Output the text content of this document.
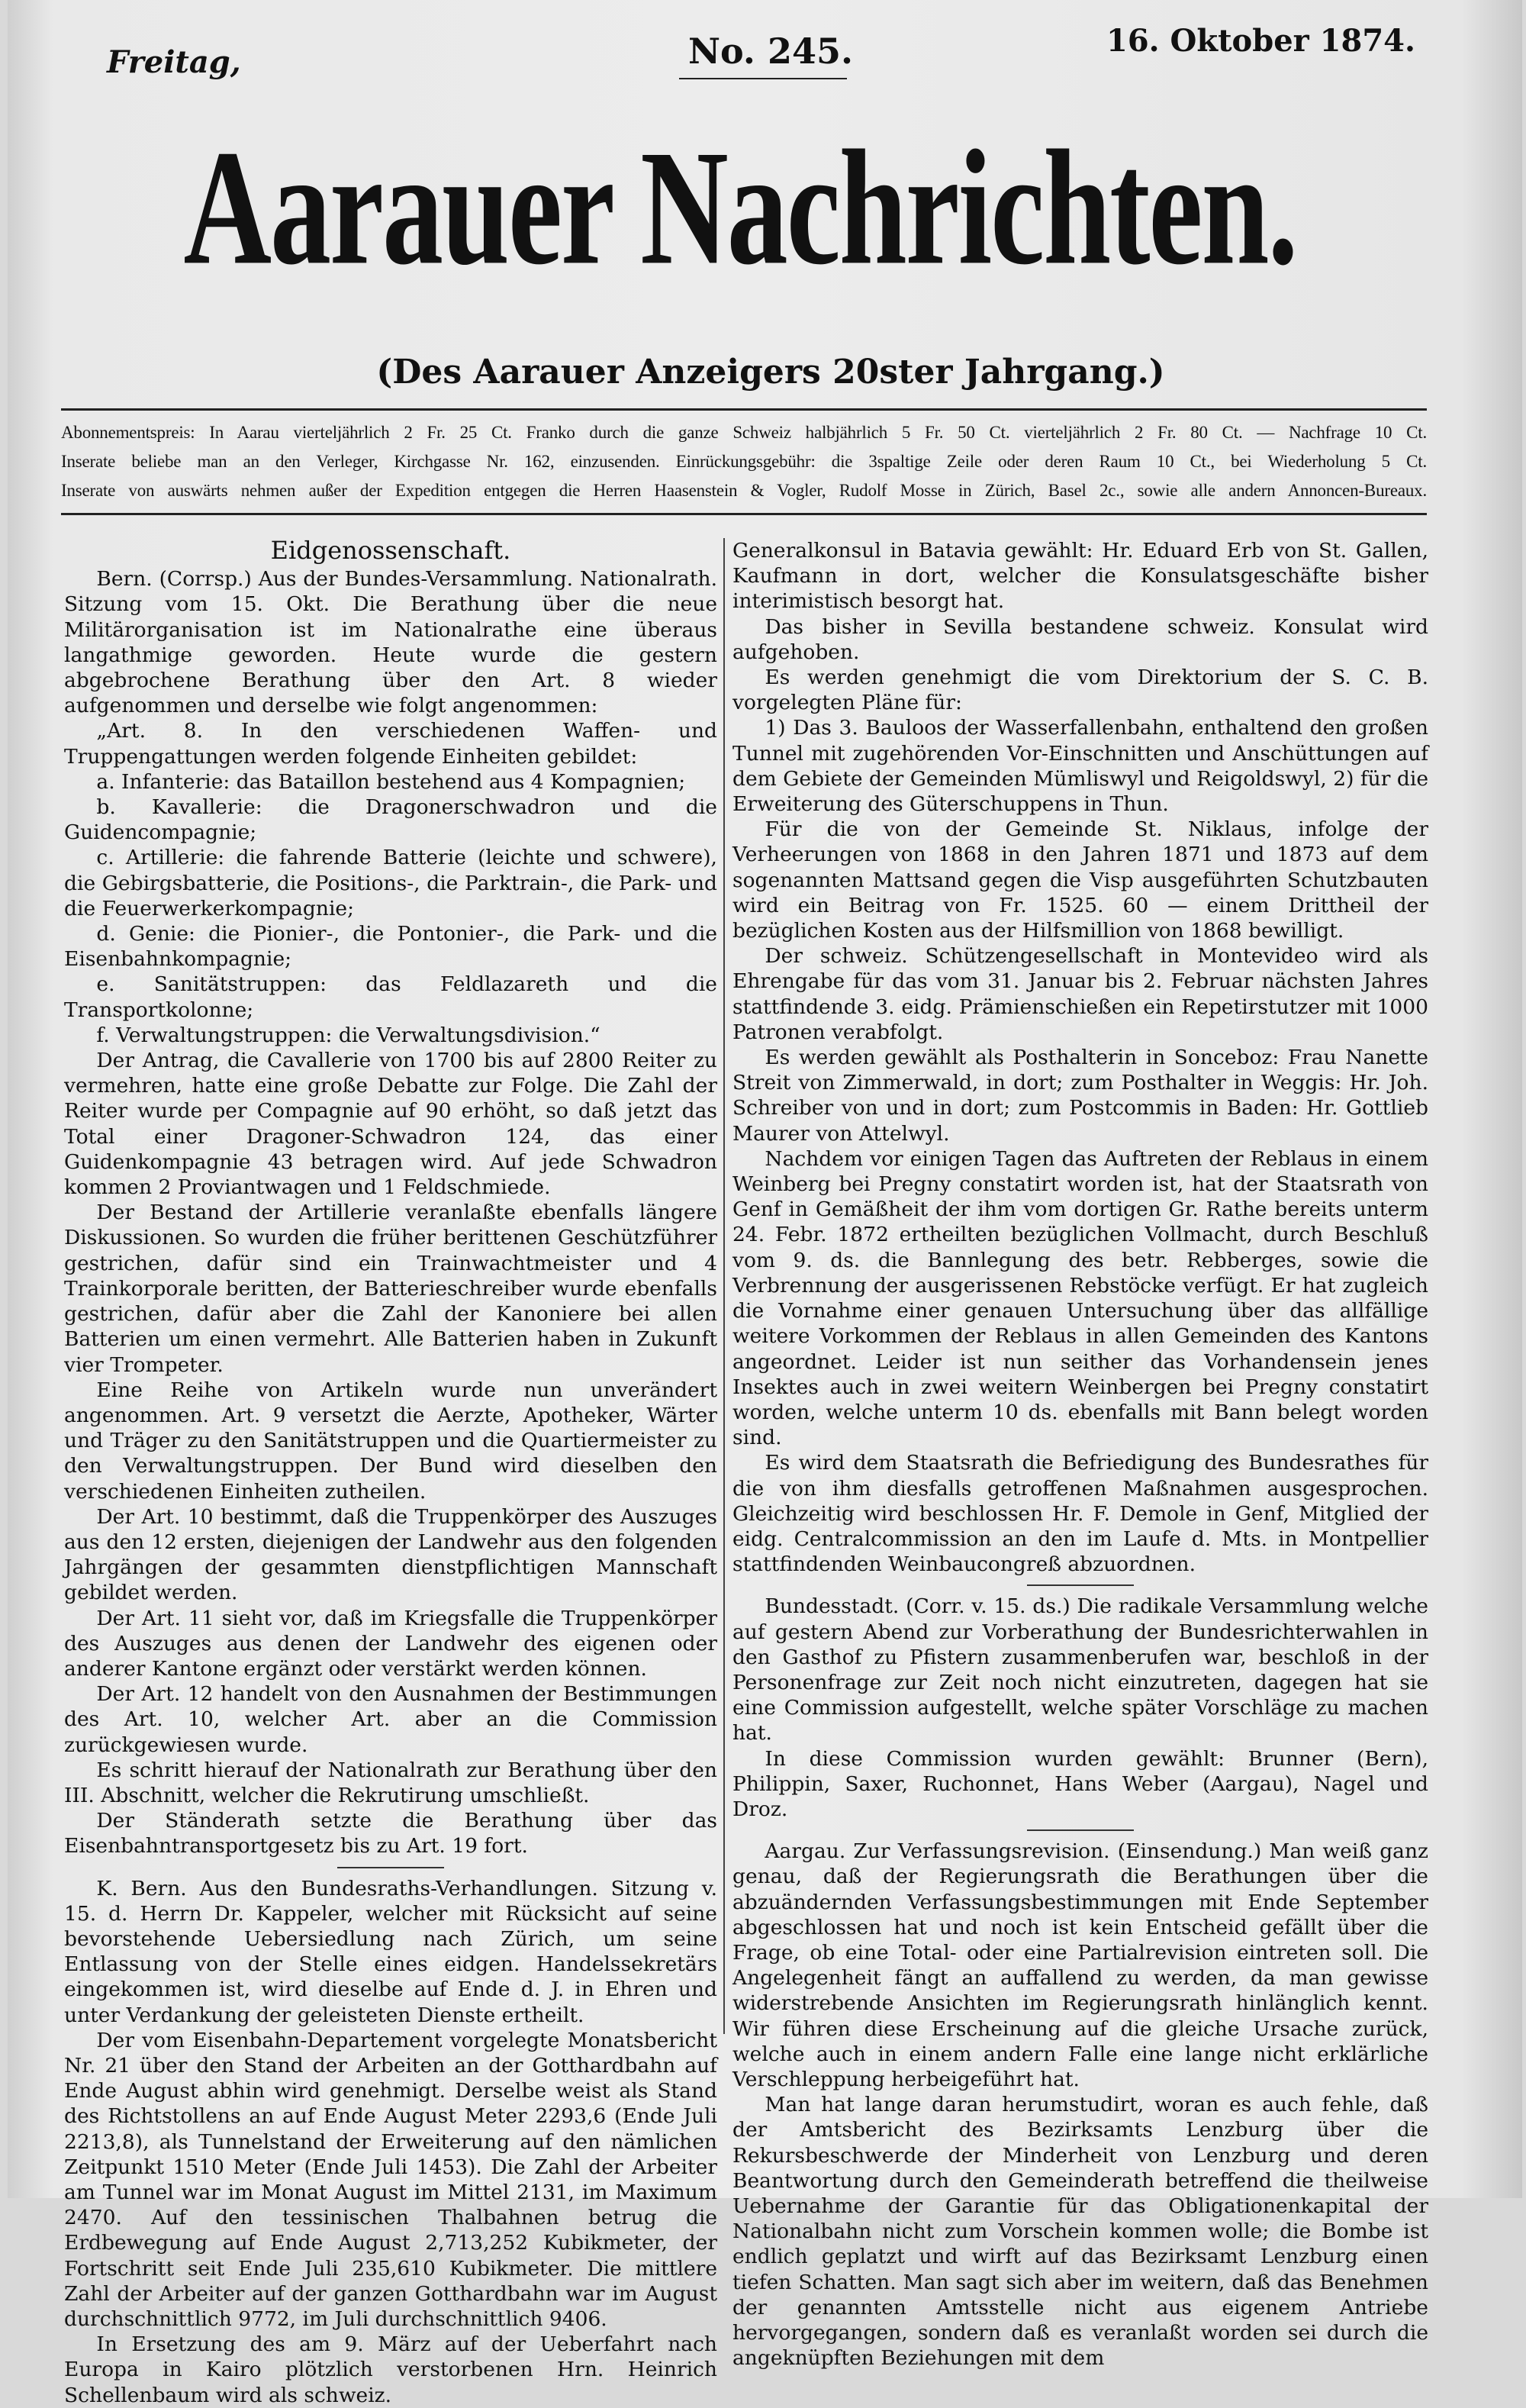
Freitag,	No. 245.	16. Oktober 1874.
Aarauer Nachrichten.
(Des Aarauer Anzeigers 20ster Jahrgang.)
Abonnementspreis: In Aarau vierteljährlich 2 Fr. 25 Ct. Franko durch die ganze Schweiz halbjährlich 5 Fr. 50 Ct. vierteljährlich 2 Fr. 80 Ct. — Nachfrage 10 Ct.
Inserate beliebe man an den Verleger, Kirchgasse Nr. 162, einzusenden. Einrückungsgebühr: die 3spaltige Zeile oder deren Raum 10 Ct., bei Wiederholung 5 Ct.
Inserate von auswärts nehmen außer der Expedition entgegen die Herren Haasenstein & Vogler, Rudolf Mosse in Zürich, Basel 2c., sowie alle andern Annoncen-Bureaux.
Eidgenossenschaft.

Bern. (Corrsp.) Aus der Bundes-Versammlung. Nationalrath. Sitzung vom 15. Okt. Die Berathung über die neue Militärorganisation ist im Nationalrathe eine überaus langathmige geworden. Heute wurde die gestern abgebrochene Berathung über den Art. 8 wieder aufgenommen und derselbe wie folgt angenommen:

„Art. 8. In den verschiedenen Waffen- und Truppengattungen werden folgende Einheiten gebildet:

a. Infanterie: das Bataillon bestehend aus 4 Kompagnien;

b. Kavallerie: die Dragonerschwadron und die Guidencompagnie;

c. Artillerie: die fahrende Batterie (leichte und schwere), die Gebirgsbatterie, die Positions-, die Parktrain-, die Park- und die Feuerwerkerkompagnie;

d. Genie: die Pionier-, die Pontonier-, die Park- und die Eisenbahnkompagnie;

e. Sanitätstruppen: das Feldlazareth und die Transportkolonne;

f. Verwaltungstruppen: die Verwaltungsdivision.“

Der Antrag, die Cavallerie von 1700 bis auf 2800 Reiter zu vermehren, hatte eine große Debatte zur Folge. Die Zahl der Reiter wurde per Compagnie auf 90 erhöht, so daß jetzt das Total einer Dragoner-Schwadron 124, das einer Guidenkompagnie 43 betragen wird. Auf jede Schwadron kommen 2 Proviantwagen und 1 Feldschmiede.

Der Bestand der Artillerie veranlaßte ebenfalls längere Diskussionen. So wurden die früher berittenen Geschützführer gestrichen, dafür sind ein Trainwachtmeister und 4 Trainkorporale beritten, der Batterieschreiber wurde ebenfalls gestrichen, dafür aber die Zahl der Kanoniere bei allen Batterien um einen vermehrt. Alle Batterien haben in Zukunft vier Trompeter.

Eine Reihe von Artikeln wurde nun unverändert angenommen. Art. 9 versetzt die Aerzte, Apotheker, Wärter und Träger zu den Sanitätstruppen und die Quartiermeister zu den Verwaltungstruppen. Der Bund wird dieselben den verschiedenen Einheiten zutheilen.

Der Art. 10 bestimmt, daß die Truppenkörper des Auszuges aus den 12 ersten, diejenigen der Landwehr aus den folgenden Jahrgängen der gesammten dienstpflichtigen Mannschaft gebildet werden.

Der Art. 11 sieht vor, daß im Kriegsfalle die Truppenkörper des Auszuges aus denen der Landwehr des eigenen oder anderer Kantone ergänzt oder verstärkt werden können.

Der Art. 12 handelt von den Ausnahmen der Bestimmungen des Art. 10, welcher Art. aber an die Commission zurückgewiesen wurde.

Es schritt hierauf der Nationalrath zur Berathung über den III. Abschnitt, welcher die Rekrutirung umschließt.

Der Ständerath setzte die Berathung über das Eisenbahntransportgesetz bis zu Art. 19 fort.

K. Bern. Aus den Bundesraths-Verhandlungen. Sitzung v. 15. d. Herrn Dr. Kappeler, welcher mit Rücksicht auf seine bevorstehende Uebersiedlung nach Zürich, um seine Entlassung von der Stelle eines eidgen. Handelssekretärs eingekommen ist, wird dieselbe auf Ende d. J. in Ehren und unter Verdankung der geleisteten Dienste ertheilt.

Der vom Eisenbahn-Departement vorgelegte Monatsbericht Nr. 21 über den Stand der Arbeiten an der Gotthardbahn auf Ende August abhin wird genehmigt. Derselbe weist als Stand des Richtstollens an auf Ende August Meter 2293,6 (Ende Juli 2213,8), als Tunnelstand der Erweiterung auf den nämlichen Zeitpunkt 1510 Meter (Ende Juli 1453). Die Zahl der Arbeiter am Tunnel war im Monat August im Mittel 2131, im Maximum 2470. Auf den tessinischen Thalbahnen betrug die Erdbewegung auf Ende August 2,713,252 Kubikmeter, der Fortschritt seit Ende Juli 235,610 Kubikmeter. Die mittlere Zahl der Arbeiter auf der ganzen Gotthardbahn war im August durchschnittlich 9772, im Juli durchschnittlich 9406.

In Ersetzung des am 9. März auf der Ueberfahrt nach Europa in Kairo plötzlich verstorbenen Hrn. Heinrich Schellenbaum wird als schweiz.

Generalkonsul in Batavia gewählt: Hr. Eduard Erb von St. Gallen, Kaufmann in dort, welcher die Konsulatsgeschäfte bisher interimistisch besorgt hat.

Das bisher in Sevilla bestandene schweiz. Konsulat wird aufgehoben.

Es werden genehmigt die vom Direktorium der S. C. B. vorgelegten Pläne für:

1) Das 3. Bauloos der Wasserfallenbahn, enthaltend den großen Tunnel mit zugehörenden Vor-Einschnitten und Anschüttungen auf dem Gebiete der Gemeinden Mümliswyl und Reigoldswyl, 2) für die Erweiterung des Güterschuppens in Thun.

Für die von der Gemeinde St. Niklaus, infolge der Verheerungen von 1868 in den Jahren 1871 und 1873 auf dem sogenannten Mattsand gegen die Visp ausgeführten Schutzbauten wird ein Beitrag von Fr. 1525. 60 — einem Drittheil der bezüglichen Kosten aus der Hilfsmillion von 1868 bewilligt.

Der schweiz. Schützengesellschaft in Montevideo wird als Ehrengabe für das vom 31. Januar bis 2. Februar nächsten Jahres stattfindende 3. eidg. Prämienschießen ein Repetirstutzer mit 1000 Patronen verabfolgt.

Es werden gewählt als Posthalterin in Sonceboz: Frau Nanette Streit von Zimmerwald, in dort; zum Posthalter in Weggis: Hr. Joh. Schreiber von und in dort; zum Postcommis in Baden: Hr. Gottlieb Maurer von Attelwyl.

Nachdem vor einigen Tagen das Auftreten der Reblaus in einem Weinberg bei Pregny constatirt worden ist, hat der Staatsrath von Genf in Gemäßheit der ihm vom dortigen Gr. Rathe bereits unterm 24. Febr. 1872 ertheilten bezüglichen Vollmacht, durch Beschluß vom 9. ds. die Bannlegung des betr. Rebberges, sowie die Verbrennung der ausgerissenen Rebstöcke verfügt. Er hat zugleich die Vornahme einer genauen Untersuchung über das allfällige weitere Vorkommen der Reblaus in allen Gemeinden des Kantons angeordnet. Leider ist nun seither das Vorhandensein jenes Insektes auch in zwei weitern Weinbergen bei Pregny constatirt worden, welche unterm 10 ds. ebenfalls mit Bann belegt worden sind.

Es wird dem Staatsrath die Befriedigung des Bundesrathes für die von ihm diesfalls getroffenen Maßnahmen ausgesprochen. Gleichzeitig wird beschlossen Hr. F. Demole in Genf, Mitglied der eidg. Centralcommission an den im Laufe d. Mts. in Montpellier stattfindenden Weinbaucongreß abzuordnen.

Bundesstadt. (Corr. v. 15. ds.) Die radikale Versammlung welche auf gestern Abend zur Vorberathung der Bundesrichterwahlen in den Gasthof zu Pfistern zusammenberufen war, beschloß in der Personenfrage zur Zeit noch nicht einzutreten, dagegen hat sie eine Commission aufgestellt, welche später Vorschläge zu machen hat.

In diese Commission wurden gewählt: Brunner (Bern), Philippin, Saxer, Ruchonnet, Hans Weber (Aargau), Nagel und Droz.

Aargau. Zur Verfassungsrevision. (Einsendung.) Man weiß ganz genau, daß der Regierungsrath die Berathungen über die abzuändernden Verfassungsbestimmungen mit Ende September abgeschlossen hat und noch ist kein Entscheid gefällt über die Frage, ob eine Total- oder eine Partialrevision eintreten soll. Die Angelegenheit fängt an auffallend zu werden, da man gewisse widerstrebende Ansichten im Regierungsrath hinlänglich kennt. Wir führen diese Erscheinung auf die gleiche Ursache zurück, welche auch in einem andern Falle eine lange nicht erklärliche Verschleppung herbeigeführt hat.

Man hat lange daran herumstudirt, woran es auch fehle, daß der Amtsbericht des Bezirksamts Lenzburg über die Rekursbeschwerde der Minderheit von Lenzburg und deren Beantwortung durch den Gemeinderath betreffend die theilweise Uebernahme der Garantie für das Obligationenkapital der Nationalbahn nicht zum Vorschein kommen wolle; die Bombe ist endlich geplatzt und wirft auf das Bezirksamt Lenzburg einen tiefen Schatten. Man sagt sich aber im weitern, daß das Benehmen der genannten Amtsstelle nicht aus eigenem Antriebe hervorgegangen, sondern daß es veranlaßt worden sei durch die angeknüpften Beziehungen mit dem
